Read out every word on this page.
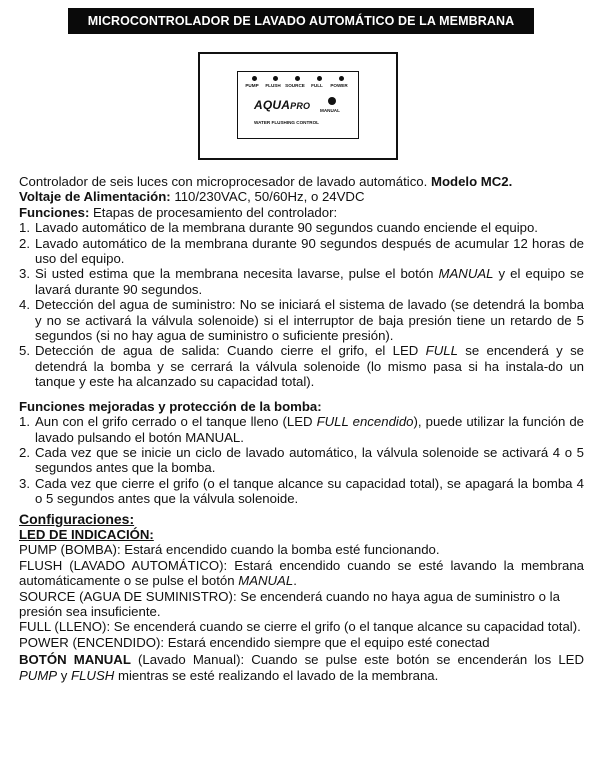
MICROCONTROLADOR DE LAVADO AUTOMÁTICO DE LA MEMBRANA
PUMP	FLUSH SOURCE	FULL	POWER
AQUAPRO MANUAL
WATER FLUSHING CONTROL

Controlador de seis luces con microprocesador de lavado automático. Modelo MC2.

Voltaje de Alimentación: 110/230VAC, 50/60Hz, o 24VDC

Funciones: Etapas de procesamiento del controlador:

1. Lavado automático de la membrana durante 90 segundos cuando enciende el equipo.
2. Lavado automático de la membrana durante 90 segundos después de acumular 12 horas de uso del equipo.
3. Si usted estima que la membrana necesita lavarse, pulse el botón MANUAL y el equipo se lavará durante 90 segundos.
4. Detección del agua de suministro: No se iniciará el sistema de lavado (se detendrá la bomba y no se activará la válvula solenoide) si el interruptor de baja presión tiene un retardo de 5 segundos (si no hay agua de suministro o suficiente presión).
5. Detección de agua de salida: Cuando cierre el grifo, el LED FULL se encenderá y se detendrá la bomba y se cerrará la válvula solenoide (lo mismo pasa si ha instala-do un tanque y este ha alcanzado su capacidad total).

Funciones mejoradas y protección de la bomba:

1. Aun con el grifo cerrado o el tanque lleno (LED FULL encendido), puede utilizar la función de lavado pulsando el botón MANUAL.
2. Cada vez que se inicie un ciclo de lavado automático, la válvula solenoide se activará 4 o 5 segundos antes que la bomba.
3. Cada vez que cierre el grifo (o el tanque alcance su capacidad total), se apagará la bomba 4 o 5 segundos antes que la válvula solenoide.

Configuraciones:

LED DE INDICACIÓN:

PUMP (BOMBA): Estará encendido cuando la bomba esté funcionando.

FLUSH (LAVADO AUTOMÁTICO): Estará encendido cuando se esté lavando la membrana automáticamente o se pulse el botón MANUAL.

SOURCE (AGUA DE SUMINISTRO): Se encenderá cuando no haya agua de suministro o la presión sea insuficiente.

FULL (LLENO): Se encenderá cuando se cierre el grifo (o el tanque alcance su capacidad total).

POWER (ENCENDIDO): Estará encendido siempre que el equipo esté conectad

BOTÓN MANUAL (Lavado Manual): Cuando se pulse este botón se encenderán los LED PUMP y FLUSH mientras se esté realizando el lavado de la membrana.
